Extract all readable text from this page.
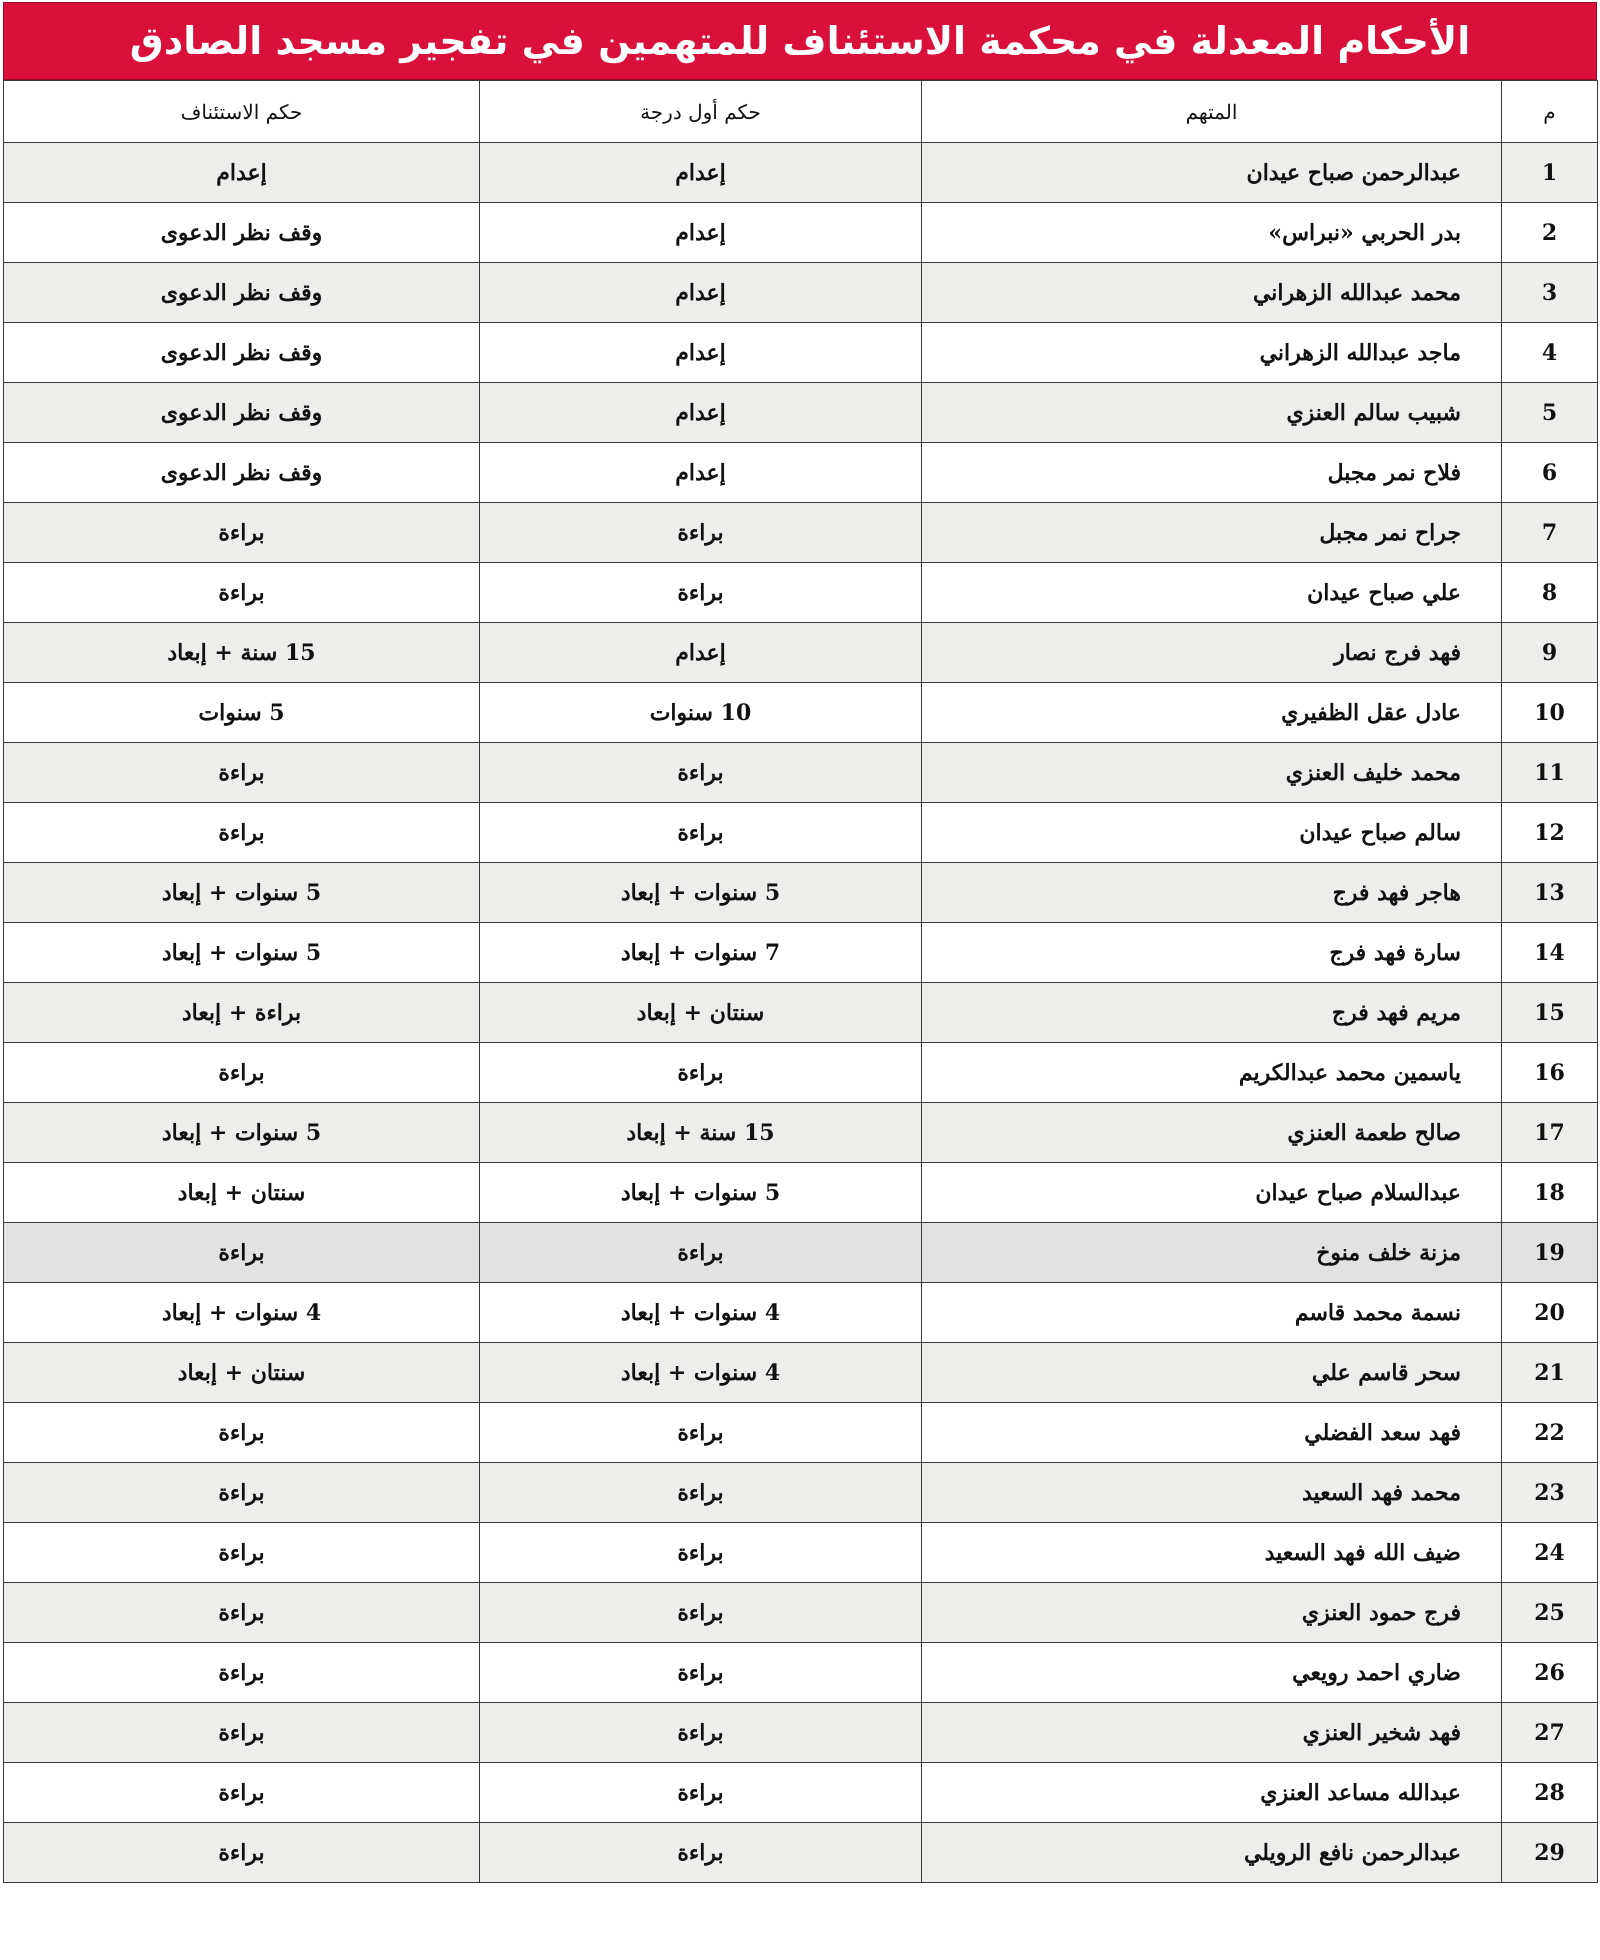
الأحكام المعدلة في محكمة الاستئناف للمتهمين في تفجير مسجد الصادق
م	المتهم	حكم أول درجة	حكم الاستئناف
1	عبدالرحمن صباح عيدان	إعدام	إعدام
2	بدر الحربي «نبراس»	إعدام	وقف نظر الدعوى
3	محمد عبدالله الزهراني	إعدام	وقف نظر الدعوى
4	ماجد عبدالله الزهراني	إعدام	وقف نظر الدعوى
5	شبيب سالم العنزي	إعدام	وقف نظر الدعوى
6	فلاح نمر مجبل	إعدام	وقف نظر الدعوى
7	جراح نمر مجبل	براءة	براءة
8	علي صباح عيدان	براءة	براءة
9	فهد فرج نصار	إعدام	15 سنة + إبعاد
10	عادل عقل الظفيري	10 سنوات	5 سنوات
11	محمد خليف العنزي	براءة	براءة
12	سالم صباح عيدان	براءة	براءة
13	هاجر فهد فرج	5 سنوات + إبعاد	5 سنوات + إبعاد
14	سارة فهد فرج	7 سنوات + إبعاد	5 سنوات + إبعاد
15	مريم فهد فرج	سنتان + إبعاد	براءة + إبعاد
16	ياسمين محمد عبدالكريم	براءة	براءة
17	صالح طعمة العنزي	15 سنة + إبعاد	5 سنوات + إبعاد
18	عبدالسلام صباح عيدان	5 سنوات + إبعاد	سنتان + إبعاد
19	مزنة خلف منوخ	براءة	براءة
20	نسمة محمد قاسم	4 سنوات + إبعاد	4 سنوات + إبعاد
21	سحر قاسم علي	4 سنوات + إبعاد	سنتان + إبعاد
22	فهد سعد الفضلي	براءة	براءة
23	محمد فهد السعيد	براءة	براءة
24	ضيف الله فهد السعيد	براءة	براءة
25	فرج حمود العنزي	براءة	براءة
26	ضاري احمد رويعي	براءة	براءة
27	فهد شخير العنزي	براءة	براءة
28	عبدالله مساعد العنزي	براءة	براءة
29	عبدالرحمن نافع الرويلي	براءة	براءة
